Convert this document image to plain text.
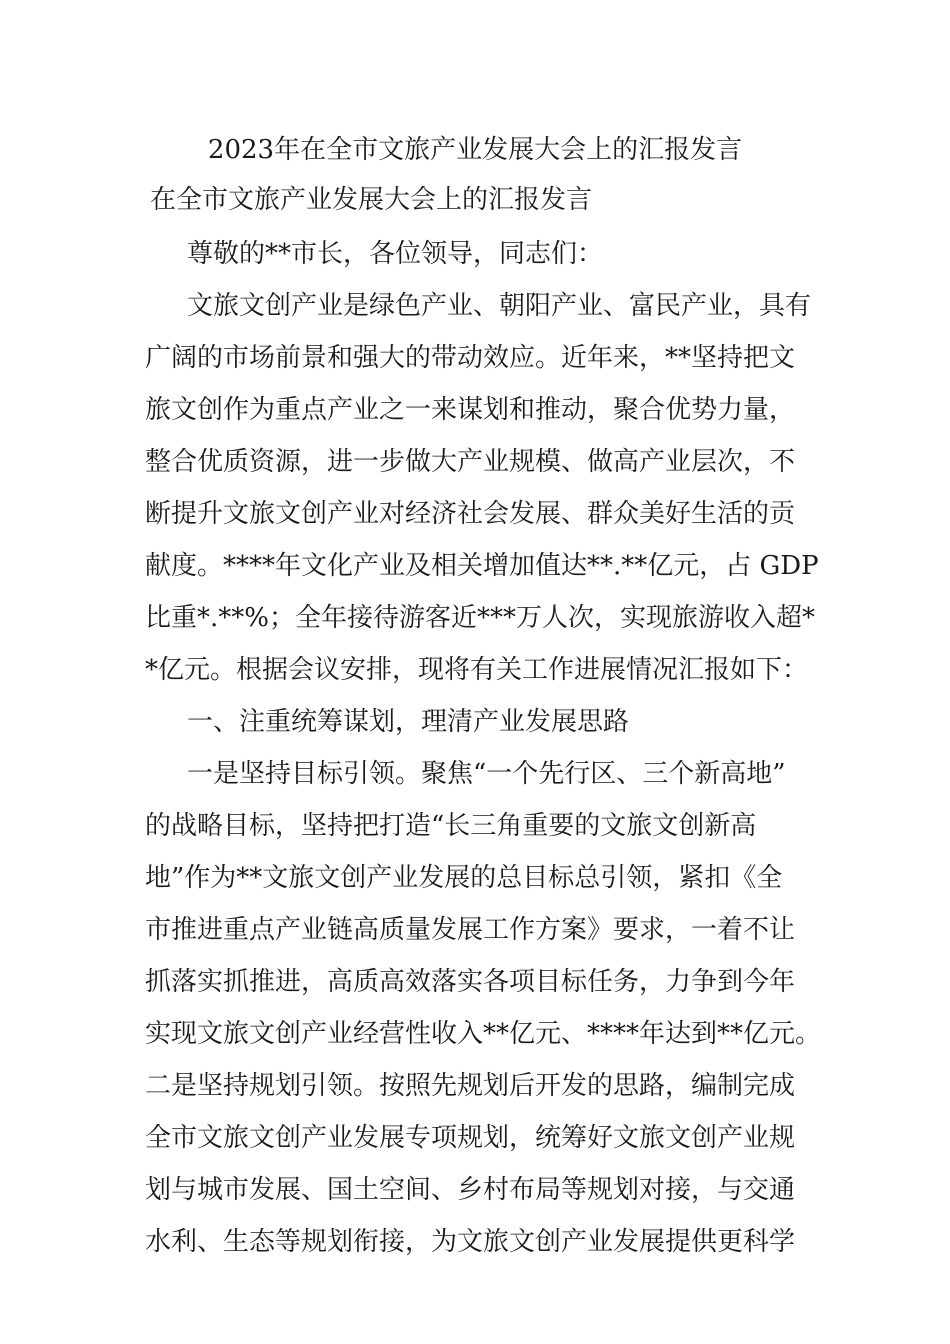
2023年在全市文旅产业发展大会上的汇报发言
在全市文旅产业发展大会上的汇报发言
尊敬的**市长，各位领导，同志们：
文旅文创产业是绿色产业、朝阳产业、富民产业，具有
广阔的市场前景和强大的带动效应。近年来，**坚持把文
旅文创作为重点产业之一来谋划和推动，聚合优势力量，
整合优质资源，进一步做大产业规模、做高产业层次，不
断提升文旅文创产业对经济社会发展、群众美好生活的贡
献度。****年文化产业及相关增加值达**.**亿元，占 GDP
比重*.**%；全年接待游客近***万人次，实现旅游收入超*
*亿元。根据会议安排，现将有关工作进展情况汇报如下：
一、注重统筹谋划，理清产业发展思路
一是坚持目标引领。聚焦“一个先行区、三个新高地”
的战略目标，坚持把打造“长三角重要的文旅文创新高
地”作为**文旅文创产业发展的总目标总引领，紧扣《全
市推进重点产业链高质量发展工作方案》要求，一着不让
抓落实抓推进，高质高效落实各项目标任务，力争到今年
实现文旅文创产业经营性收入**亿元、****年达到**亿元。
二是坚持规划引领。按照先规划后开发的思路，编制完成
全市文旅文创产业发展专项规划，统筹好文旅文创产业规
划与城市发展、国土空间、乡村布局等规划对接，与交通
水利、生态等规划衔接，为文旅文创产业发展提供更科学
